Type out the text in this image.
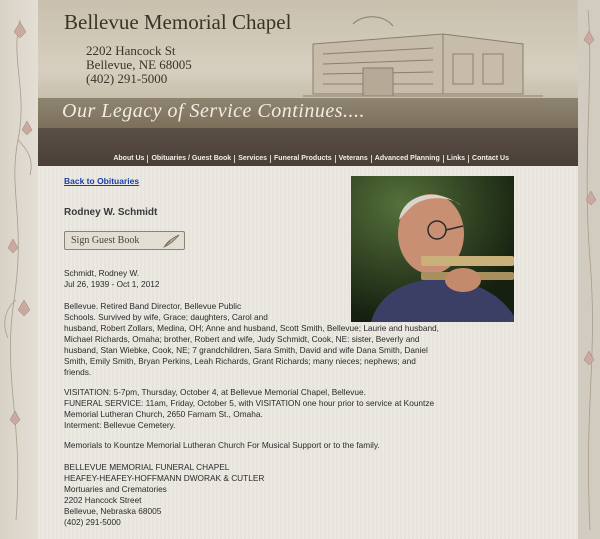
Bellevue Memorial Chapel
2202 Hancock St
Bellevue, NE 68005
(402) 291-5000
Our Legacy of Service Continues....
About Us	Obituaries / Guest Book	Services	Funeral Products	Veterans	Advanced Planning	Links	Contact Us
Back to Obituaries
Rodney W. Schmidt
Sign Guest Book
Schmidt, Rodney W.
Jul 26, 1939 - Oct 1, 2012
Bellevue. Retired Band Director, Bellevue Public
Schools. Survived by wife, Grace; daughters, Carol and
husband, Robert Zollars, Medina, OH; Anne and husband, Scott Smith, Bellevue; Laurie and husband,
Michael Richards, Omaha; brother, Robert and wife, Judy Schmidt, Cook, NE: sister, Beverly and
husband, Stan Wiebke, Cook, NE; 7 grandchildren, Sara Smith, David and wife Dana Smith, Daniel
Smith, Emily Smith, Bryan Perkins, Leah Richards, Grant Richards; many nieces; nephews; and
friends.
VISITATION: 5-7pm, Thursday, October 4, at Bellevue Memorial Chapel, Bellevue.
FUNERAL SERVICE: 11am, Friday, October 5, with VISITATION one hour prior to service at Kountze
Memorial Lutheran Church, 2650 Farnam St., Omaha.
Interment: Bellevue Cemetery.
Memorials to Kountze Memorial Lutheran Church For Musical Support or to the family.
BELLEVUE MEMORIAL FUNERAL CHAPEL
HEAFEY-HEAFEY-HOFFMANN DWORAK & CUTLER
Mortuaries and Crematories
2202 Hancock Street
Bellevue, Nebraska 68005
(402) 291-5000
